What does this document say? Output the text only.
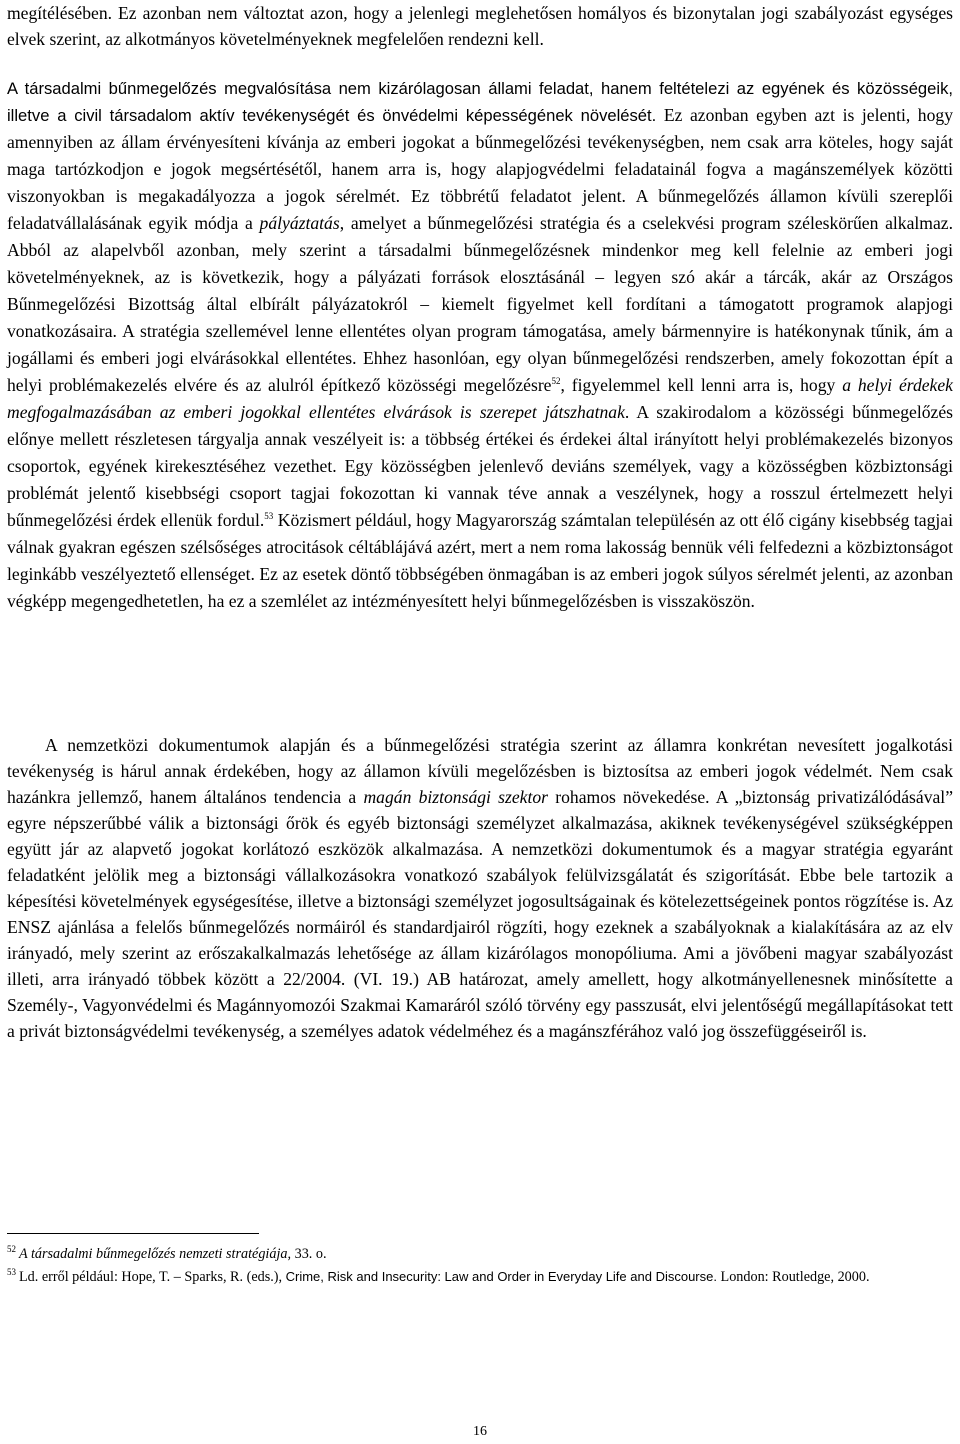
megítélésében. Ez azonban nem változtat azon, hogy a jelenlegi meglehetősen homályos és bizonytalan jogi szabályozást egységes elvek szerint, az alkotmányos követelményeknek megfelelően rendezni kell.

A társadalmi bűnmegelőzés megvalósítása nem kizárólagosan állami feladat, hanem feltételezi az egyének és közösségeik, illetve a civil társadalom aktív tevékenységét és önvédelmi képességének növelését. Ez azonban egyben azt is jelenti, hogy amennyiben az állam érvényesíteni kívánja az emberi jogokat a bűnmegelőzési tevékenységben, nem csak arra köteles, hogy saját maga tartózkodjon e jogok megsértésétől, hanem arra is, hogy alapjogvédelmi feladatainál fogva a magánszemélyek közötti viszonyokban is megakadályozza a jogok sérelmét. Ez többrétű feladatot jelent. A bűnmegelőzés államon kívüli szereplői feladatvállalásának egyik módja a pályáztatás, amelyet a bűnmegelőzési stratégia és a cselekvési program széleskörűen alkalmaz. Abból az alapelvből azonban, mely szerint a társadalmi bűnmegelőzésnek mindenkor meg kell felelnie az emberi jogi követelményeknek, az is következik, hogy a pályázati források elosztásánál – legyen szó akár a tárcák, akár az Országos Bűnmegelőzési Bizottság által elbírált pályázatokról – kiemelt figyelmet kell fordítani a támogatott programok alapjogi vonatkozásaira. A stratégia szellemével lenne ellentétes olyan program támogatása, amely bármennyire is hatékonynak tűnik, ám a jogállami és emberi jogi elvárásokkal ellentétes. Ehhez hasonlóan, egy olyan bűnmegelőzési rendszerben, amely fokozottan épít a helyi problémakezelés elvére és az alulról építkező közösségi megelőzésre$^{52}$, figyelemmel kell lenni arra is, hogy a helyi érdekek megfogalmazásában az emberi jogokkal ellentétes elvárások is szerepet játszhatnak. A szakirodalom a közösségi bűnmegelőzés előnye mellett részletesen tárgyalja annak veszélyeit is: a többség értékei és érdekei által irányított helyi problémakezelés bizonyos csoportok, egyének kirekesztéséhez vezethet. Egy közösségben jelenlevő deviáns személyek, vagy a közösségben közbiztonsági problémát jelentő kisebbségi csoport tagjai fokozottan ki vannak téve annak a veszélynek, hogy a rosszul értelmezett helyi bűnmegelőzési érdek ellenük fordul.$^{53}$ Közismert például, hogy Magyarország számtalan településén az ott élő cigány kisebbség tagjai válnak gyakran egészen szélsőséges atrocitások céltáblájává azért, mert a nem roma lakosság bennük véli felfedezni a közbiztonságot leginkább veszélyeztető ellenséget. Ez az esetek döntő többségében önmagában is az emberi jogok súlyos sérelmét jelenti, az azonban végképp megengedhetetlen, ha ez a szemlélet az intézményesített helyi bűnmegelőzésben is visszaköszön.
A nemzetközi dokumentumok alapján és a bűnmegelőzési stratégia szerint az államra konkrétan nevesített jogalkotási tevékenység is hárul annak érdekében, hogy az államon kívüli megelőzésben is biztosítsa az emberi jogok védelmét. Nem csak hazánkra jellemző, hanem általános tendencia a magán biztonsági szektor rohamos növekedése. A „biztonság privatizálódásával” egyre népszerűbbé válik a biztonsági őrök és egyéb biztonsági személyzet alkalmazása, akiknek tevékenységével szükségképpen együtt jár az alapvető jogokat korlátozó eszközök alkalmazása. A nemzetközi dokumentumok és a magyar stratégia egyaránt feladatként jelölik meg a biztonsági vállalkozásokra vonatkozó szabályok felülvizsgálatát és szigorítását. Ebbe bele tartozik a képesítési követelmények egységesítése, illetve a biztonsági személyzet jogosultságainak és kötelezettségeinek pontos rögzítése is. Az ENSZ ajánlása a felelős bűnmegelőzés normáiról és standardjairól rögzíti, hogy ezeknek a szabályoknak a kialakítására az az elv irányadó, mely szerint az erőszakalkalmazás lehetősége az állam kizárólagos monopóliuma. Ami a jövőbeni magyar szabályozást illeti, arra irányadó többek között a 22/2004. (VI. 19.) AB határozat, amely amellett, hogy alkotmányellenesnek minősítette a Személy-, Vagyonvédelmi és Magánnyomozói Szakmai Kamaráról szóló törvény egy passzusát, elvi jelentőségű megállapításokat tett a privát biztonságvédelmi tevékenység, a személyes adatok védelméhez és a magánszférához való jog összefüggéseiről is.

$^{52}$ A társadalmi bűnmegelőzés nemzeti stratégiája, 33. o.

$^{53}$ Ld. erről például: Hope, T. – Sparks, R. (eds.), Crime, Risk and Insecurity: Law and Order in Everyday Life and Discourse. London: Routledge, 2000.

16
